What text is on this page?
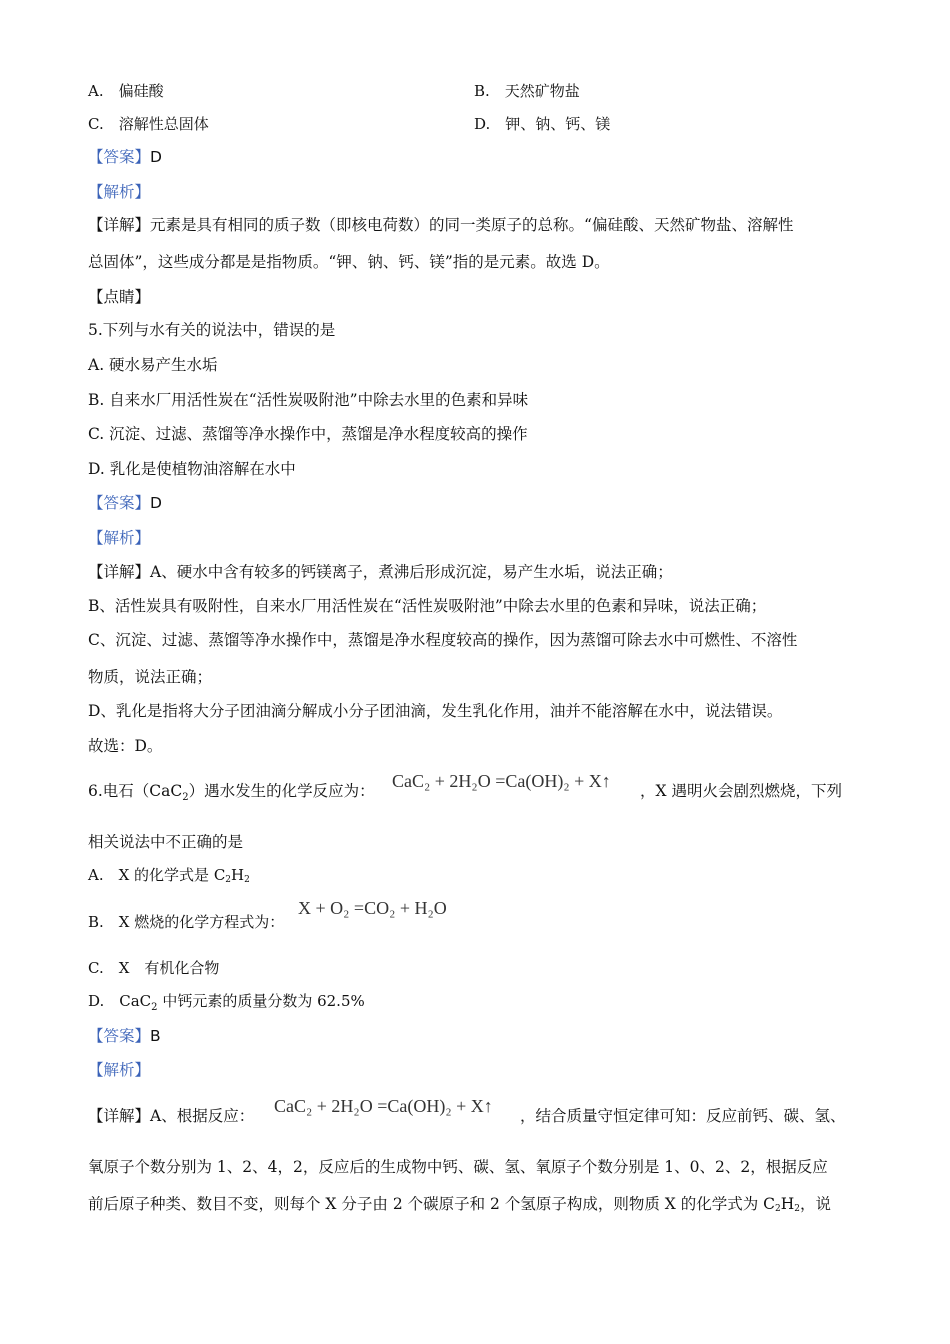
A.　偏硅酸	B.　天然矿物盐
C.　溶解性总固体	D.　钾、钠、钙、镁
【答案】D
【解析】
【详解】元素是具有相同的质子数（即核电荷数）的同一类原子的总称。“偏硅酸、天然矿物盐、溶解性
总固体”，这些成分都是是指物质。“钾、钠、钙、镁”指的是元素。故选 D。
【点睛】
5.下列与水有关的说法中，错误的是
A. 硬水易产生水垢
B. 自来水厂用活性炭在“活性炭吸附池”中除去水里的色素和异味
C. 沉淀、过滤、蒸馏等净水操作中，蒸馏是净水程度较高的操作
D. 乳化是使植物油溶解在水中
【答案】D
【解析】
【详解】A、硬水中含有较多的钙镁离子，煮沸后形成沉淀，易产生水垢，说法正确；
B、活性炭具有吸附性，自来水厂用活性炭在“活性炭吸附池”中除去水里的色素和异味，说法正确；
C、沉淀、过滤、蒸馏等净水操作中，蒸馏是净水程度较高的操作，因为蒸馏可除去水中可燃性、不溶性
物质，说法正确；
D、乳化是指将大分子团油滴分解成小分子团油滴，发生乳化作用，油并不能溶解在水中，说法错误。
故选：D。
6.电石（CaC$_2$）遇水发生的化学反应为： CaC₂ + 2H₂O =Ca(OH)₂ + X↑ ，X 遇明火会剧烈燃烧，下列
相关说法中不正确的是
A.　X 的化学式是 C2H2
B.　X 燃烧的化学方程式为：
X + O₂ =CO₂ + H₂O
C.　X　有机化合物
D.　CaC$_2$ 中钙元素的质量分数为 62.5%
【答案】B
【解析】
【详解】A、根据反应： CaC₂ + 2H₂O =Ca(OH)₂ + X↑ ，结合质量守恒定律可知：反应前钙、碳、氢、
氧原子个数分别为 1、2、4，2，反应后的生成物中钙、碳、氢、氧原子个数分别是 1、0、2、2，根据反应
前后原子种类、数目不变，则每个 X 分子由 2 个碳原子和 2 个氢原子构成，则物质 X 的化学式为 C2H2，说
